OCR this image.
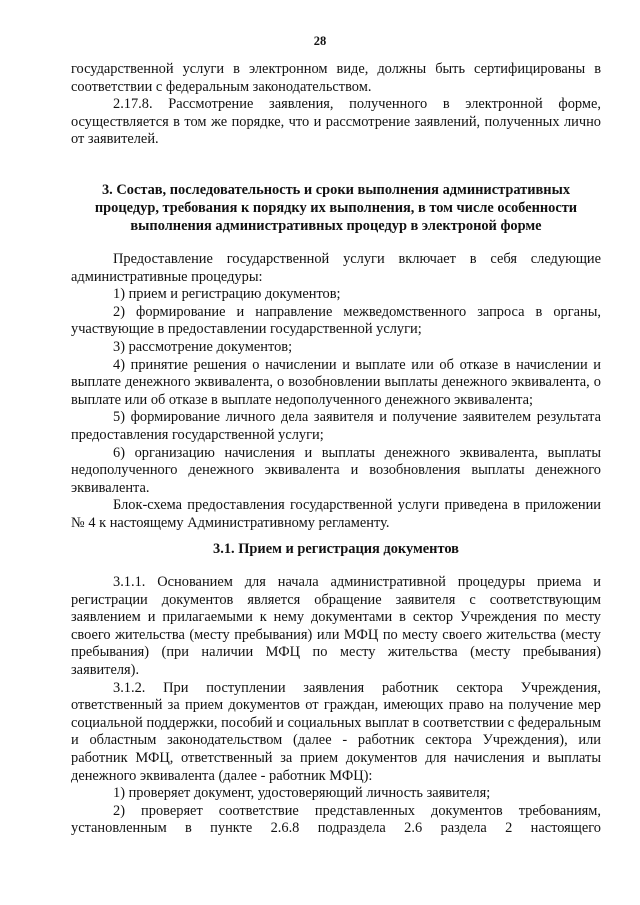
28

государственной услуги в электронном виде, должны быть сертифицированы в соответствии с федеральным законодательством.

2.17.8. Рассмотрение заявления, полученного в электронной форме, осуществляется в том же порядке, что и рассмотрение заявлений, полученных лично от заявителей.

3. Состав, последовательность и сроки выполнения административных процедур, требования к порядку их выполнения, в том числе особенности выполнения административных процедур в электроной форме

Предоставление государственной услуги включает в себя следующие административные процедуры:

1) прием и регистрацию документов;

2) формирование и направление межведомственного запроса в органы, участвующие в предоставлении государственной услуги;

3) рассмотрение документов;

4) принятие решения о начислении и выплате или об отказе в начислении и выплате денежного эквивалента, о возобновлении выплаты денежного эквивалента, о выплате или об отказе в выплате недополученного денежного эквивалента;

5) формирование личного дела заявителя и получение заявителем результата предоставления государственной услуги;

6) организацию начисления и выплаты денежного эквивалента, выплаты недополученного денежного эквивалента и возобновления выплаты денежного эквивалента.

Блок-схема предоставления государственной услуги приведена в приложении № 4 к настоящему Административному регламенту.

3.1. Прием и регистрация документов

3.1.1. Основанием для начала административной процедуры приема и регистрации документов является обращение заявителя с соответствующим заявлением и прилагаемыми к нему документами в сектор Учреждения по месту своего жительства (месту пребывания) или МФЦ по месту своего жительства (месту пребывания) (при наличии МФЦ по месту жительства (месту пребывания) заявителя).

3.1.2. При поступлении заявления работник сектора Учреждения, ответственный за прием документов от граждан, имеющих право на получение мер социальной поддержки, пособий и социальных выплат в соответствии с федеральным и областным законодательством (далее - работник сектора Учреждения), или работник МФЦ, ответственный за прием документов для начисления и выплаты денежного эквивалента (далее - работник МФЦ):

1) проверяет документ, удостоверяющий личность заявителя;

2) проверяет соответствие представленных документов требованиям, установленным в пункте 2.6.8 подраздела 2.6 раздела 2 настоящего
